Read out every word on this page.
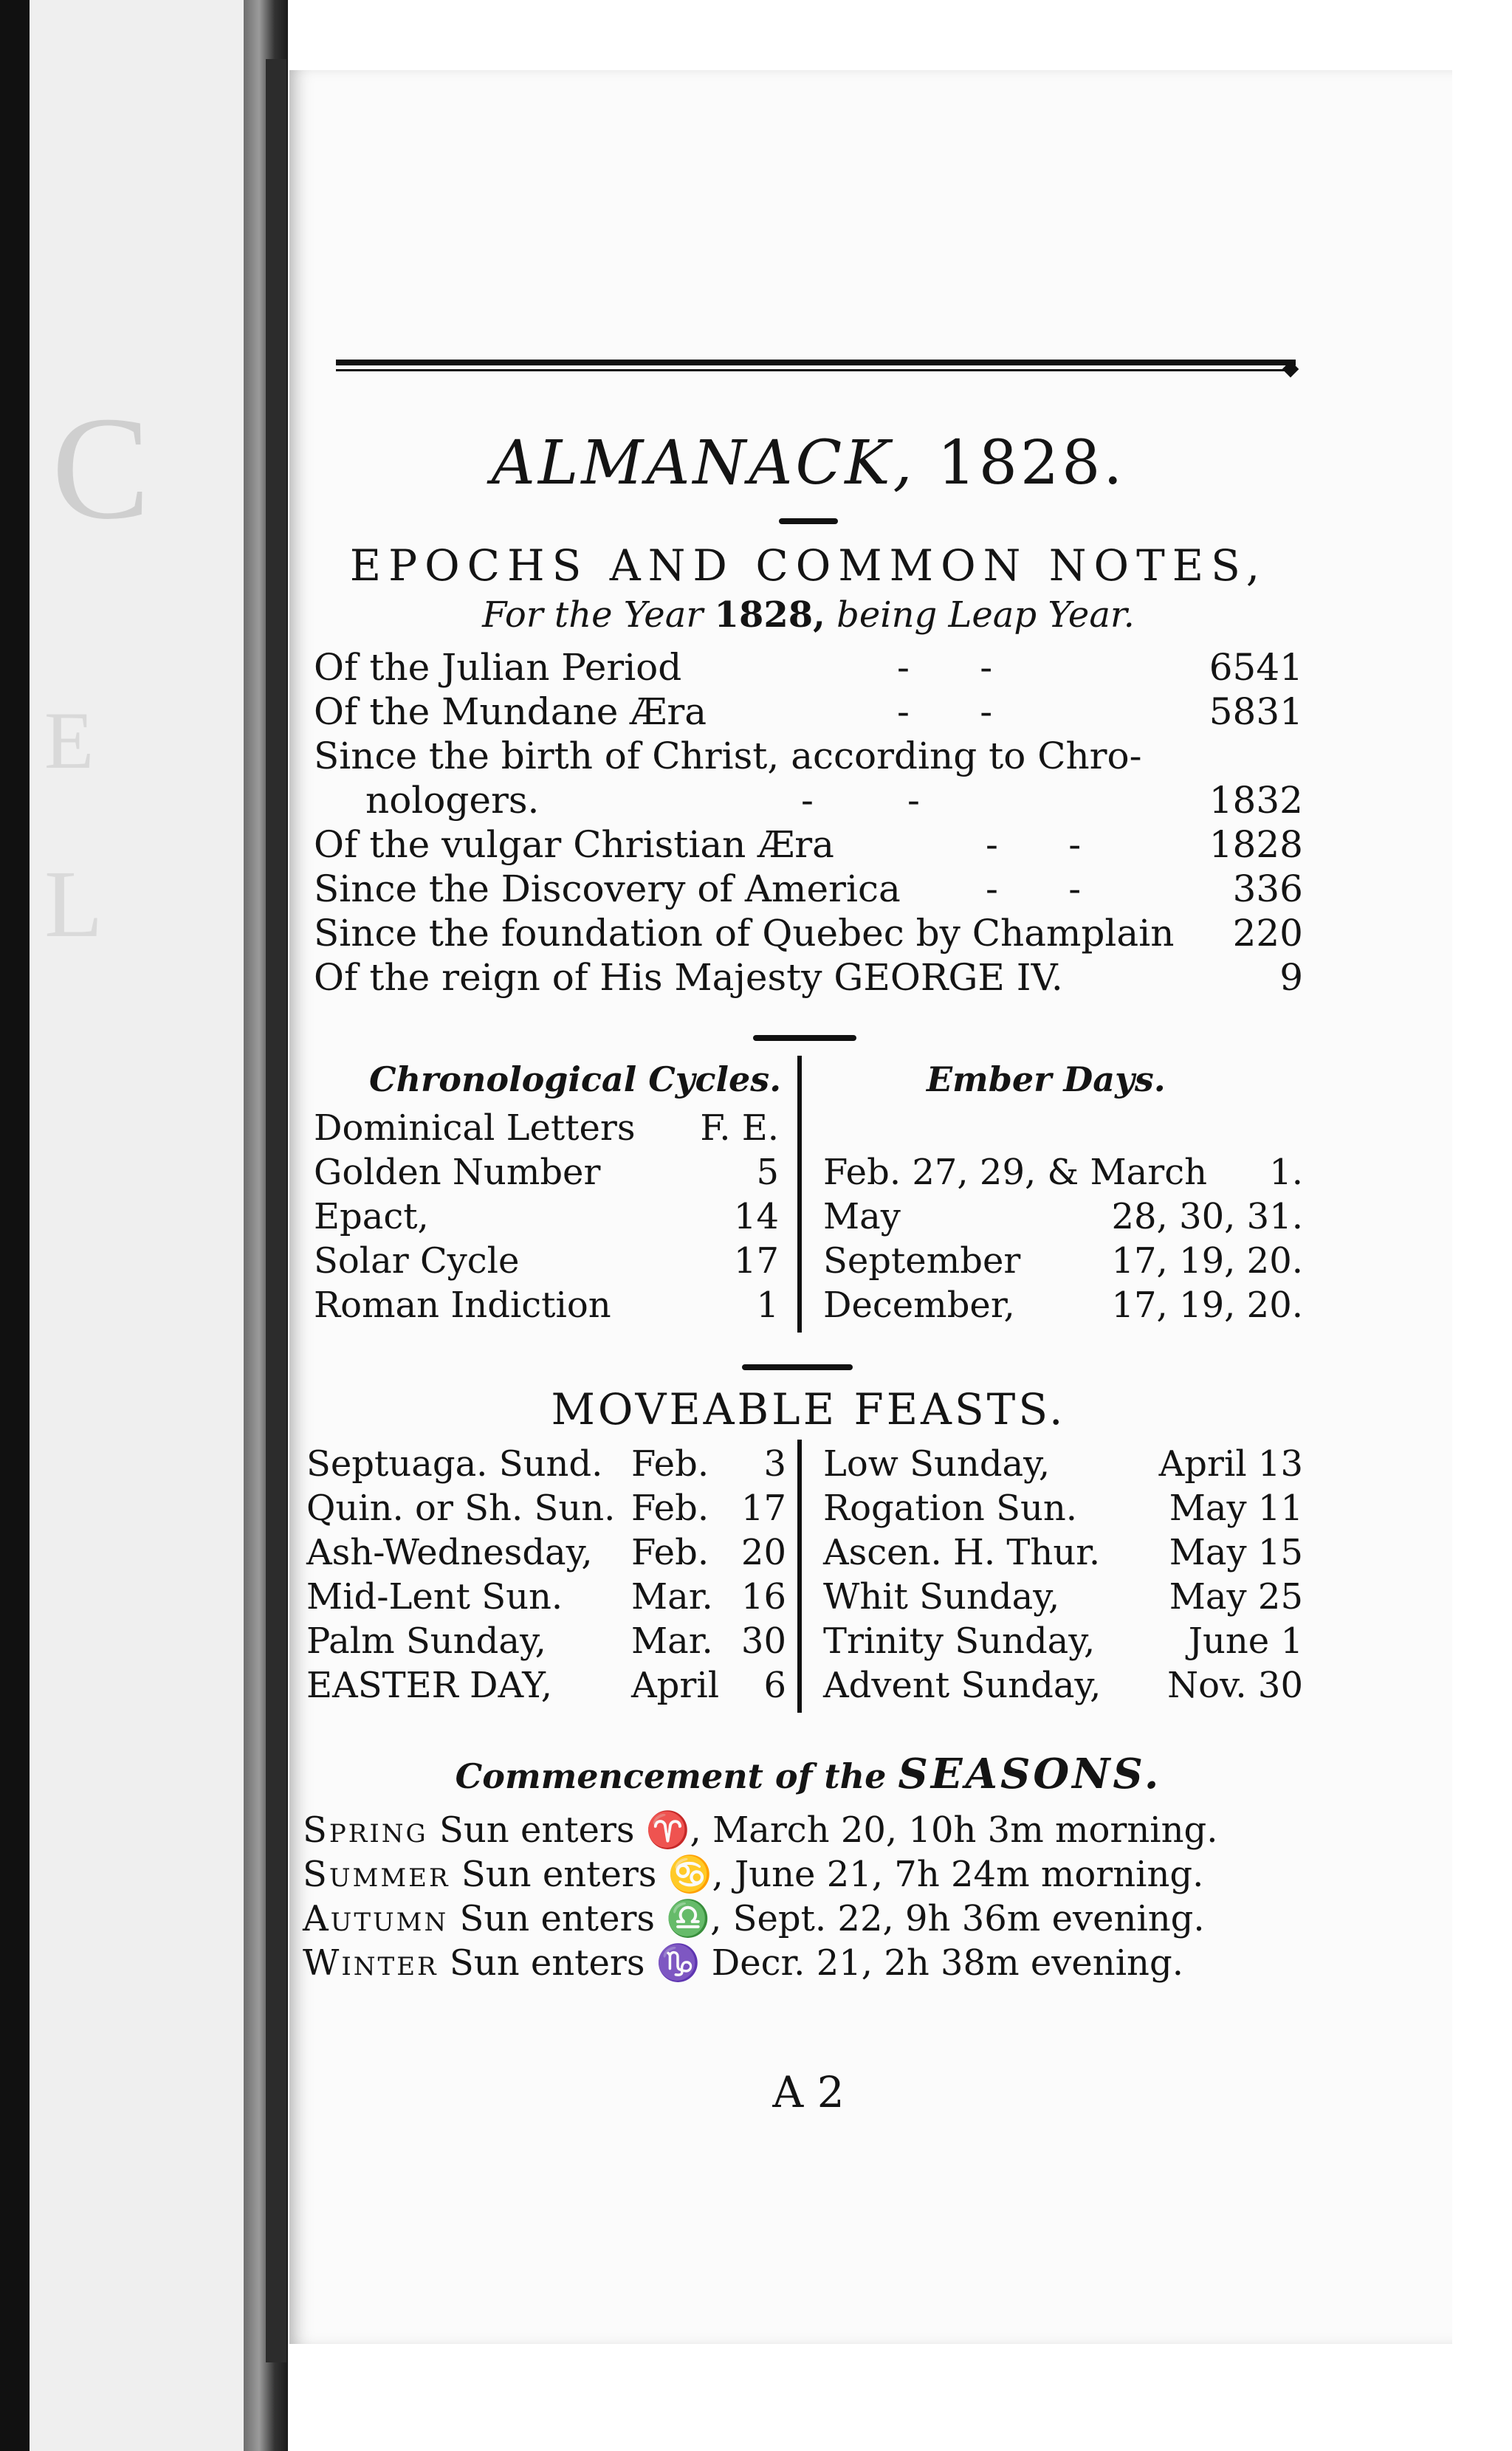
C
E
L
ALMANACK, 1828.
EPOCHS AND COMMON NOTES,
For the Year 1828, being Leap Year.
Of the Julian Period	-      -	6541
Of the Mundane Æra	-      -	5831
Since the birth of Christ, according to Chro-
nologers.	-        -	1832
Of the vulgar Christian Æra	-      -	1828
Since the Discovery of America -      -	336
Since the foundation of Quebec by Champlain 220
Of the reign of His Majesty GEORGE IV.	9
Chronological Cycles.	Ember Days.
Dominical Letters	F. E.
Golden Number	5
Epact,	14
Solar Cycle	17
Roman Indiction	1
Feb. 27, 29, & March	1.
May	28, 30, 31.
September	17, 19, 20.
December,	17, 19, 20.
MOVEABLE FEASTS.
Septuaga. Sund. Feb.	3
Quin. or Sh. Sun. Feb. 17
Ash-Wednesday, Feb. 20
Mid-Lent Sun. Mar. 16
Palm Sunday, Mar. 30
EASTER DAY, April	6
Low Sunday,	April 13
Rogation Sun.	May 11
Ascen. H. Thur.	May 15
Whit Sunday,	May 25
Trinity Sunday,	June 1
Advent Sunday,	Nov. 30
Commencement of the SEASONS.
Spring Sun enters ♈, March 20, 10h 3m morning.
Summer Sun enters ♋, June 21, 7h 24m morning.
Autumn Sun enters ♎, Sept. 22, 9h 36m evening.
Winter Sun enters ♑ Decr. 21, 2h 38m evening.
A 2
